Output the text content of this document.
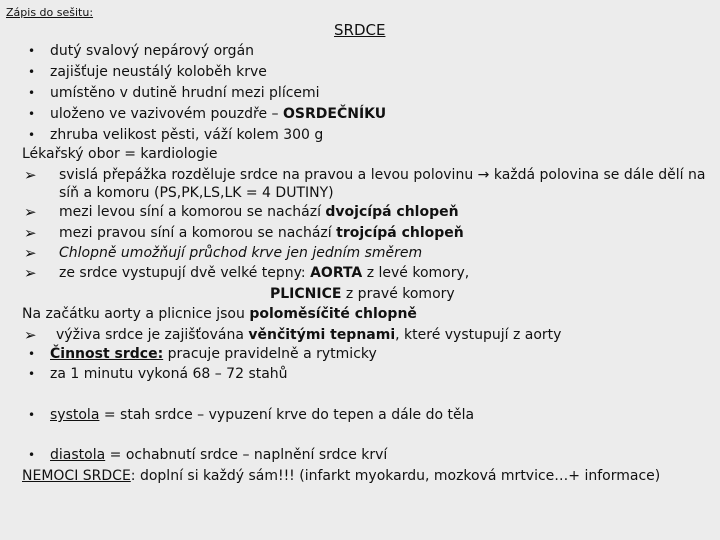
Zápis do sešitu:
SRDCE
• dutý svalový nepárový orgán
• zajišťuje neustálý koloběh krve
• umístěno v dutině hrudní mezi plícemi
• uloženo ve vazivovém pouzdře – OSRDEČNÍKU
• zhruba velikost pěsti, váží kolem 300 g
Lékařský obor = kardiologie
➢ svislá přepážka rozděluje srdce na pravou a levou polovinu → každá polovina se dále dělí na
síň a komoru (PS,PK,LS,LK = 4 DUTINY)
➢ mezi levou síní a komorou se nachází dvojcípá chlopeň
➢ mezi pravou síní a komorou se nachází trojcípá chlopeň
➢ Chlopně umožňují průchod krve jen jedním směrem
➢ ze srdce vystupují dvě velké tepny: AORTA z levé komory,
PLICNICE z pravé komory
Na začátku aorty a plicnice jsou poloměsíčité chlopně
➢ výživa srdce je zajišťována věnčitými tepnami, které vystupují z aorty
• Činnost srdce: pracuje pravidelně a rytmicky
• za 1 minutu vykoná 68 – 72 stahů
• systola = stah srdce – vypuzení krve do tepen a dále do těla
• diastola = ochabnutí srdce – naplnění srdce krví
NEMOCI SRDCE: doplní si každý sám!!! (infarkt myokardu, mozková mrtvice…+ informace)
